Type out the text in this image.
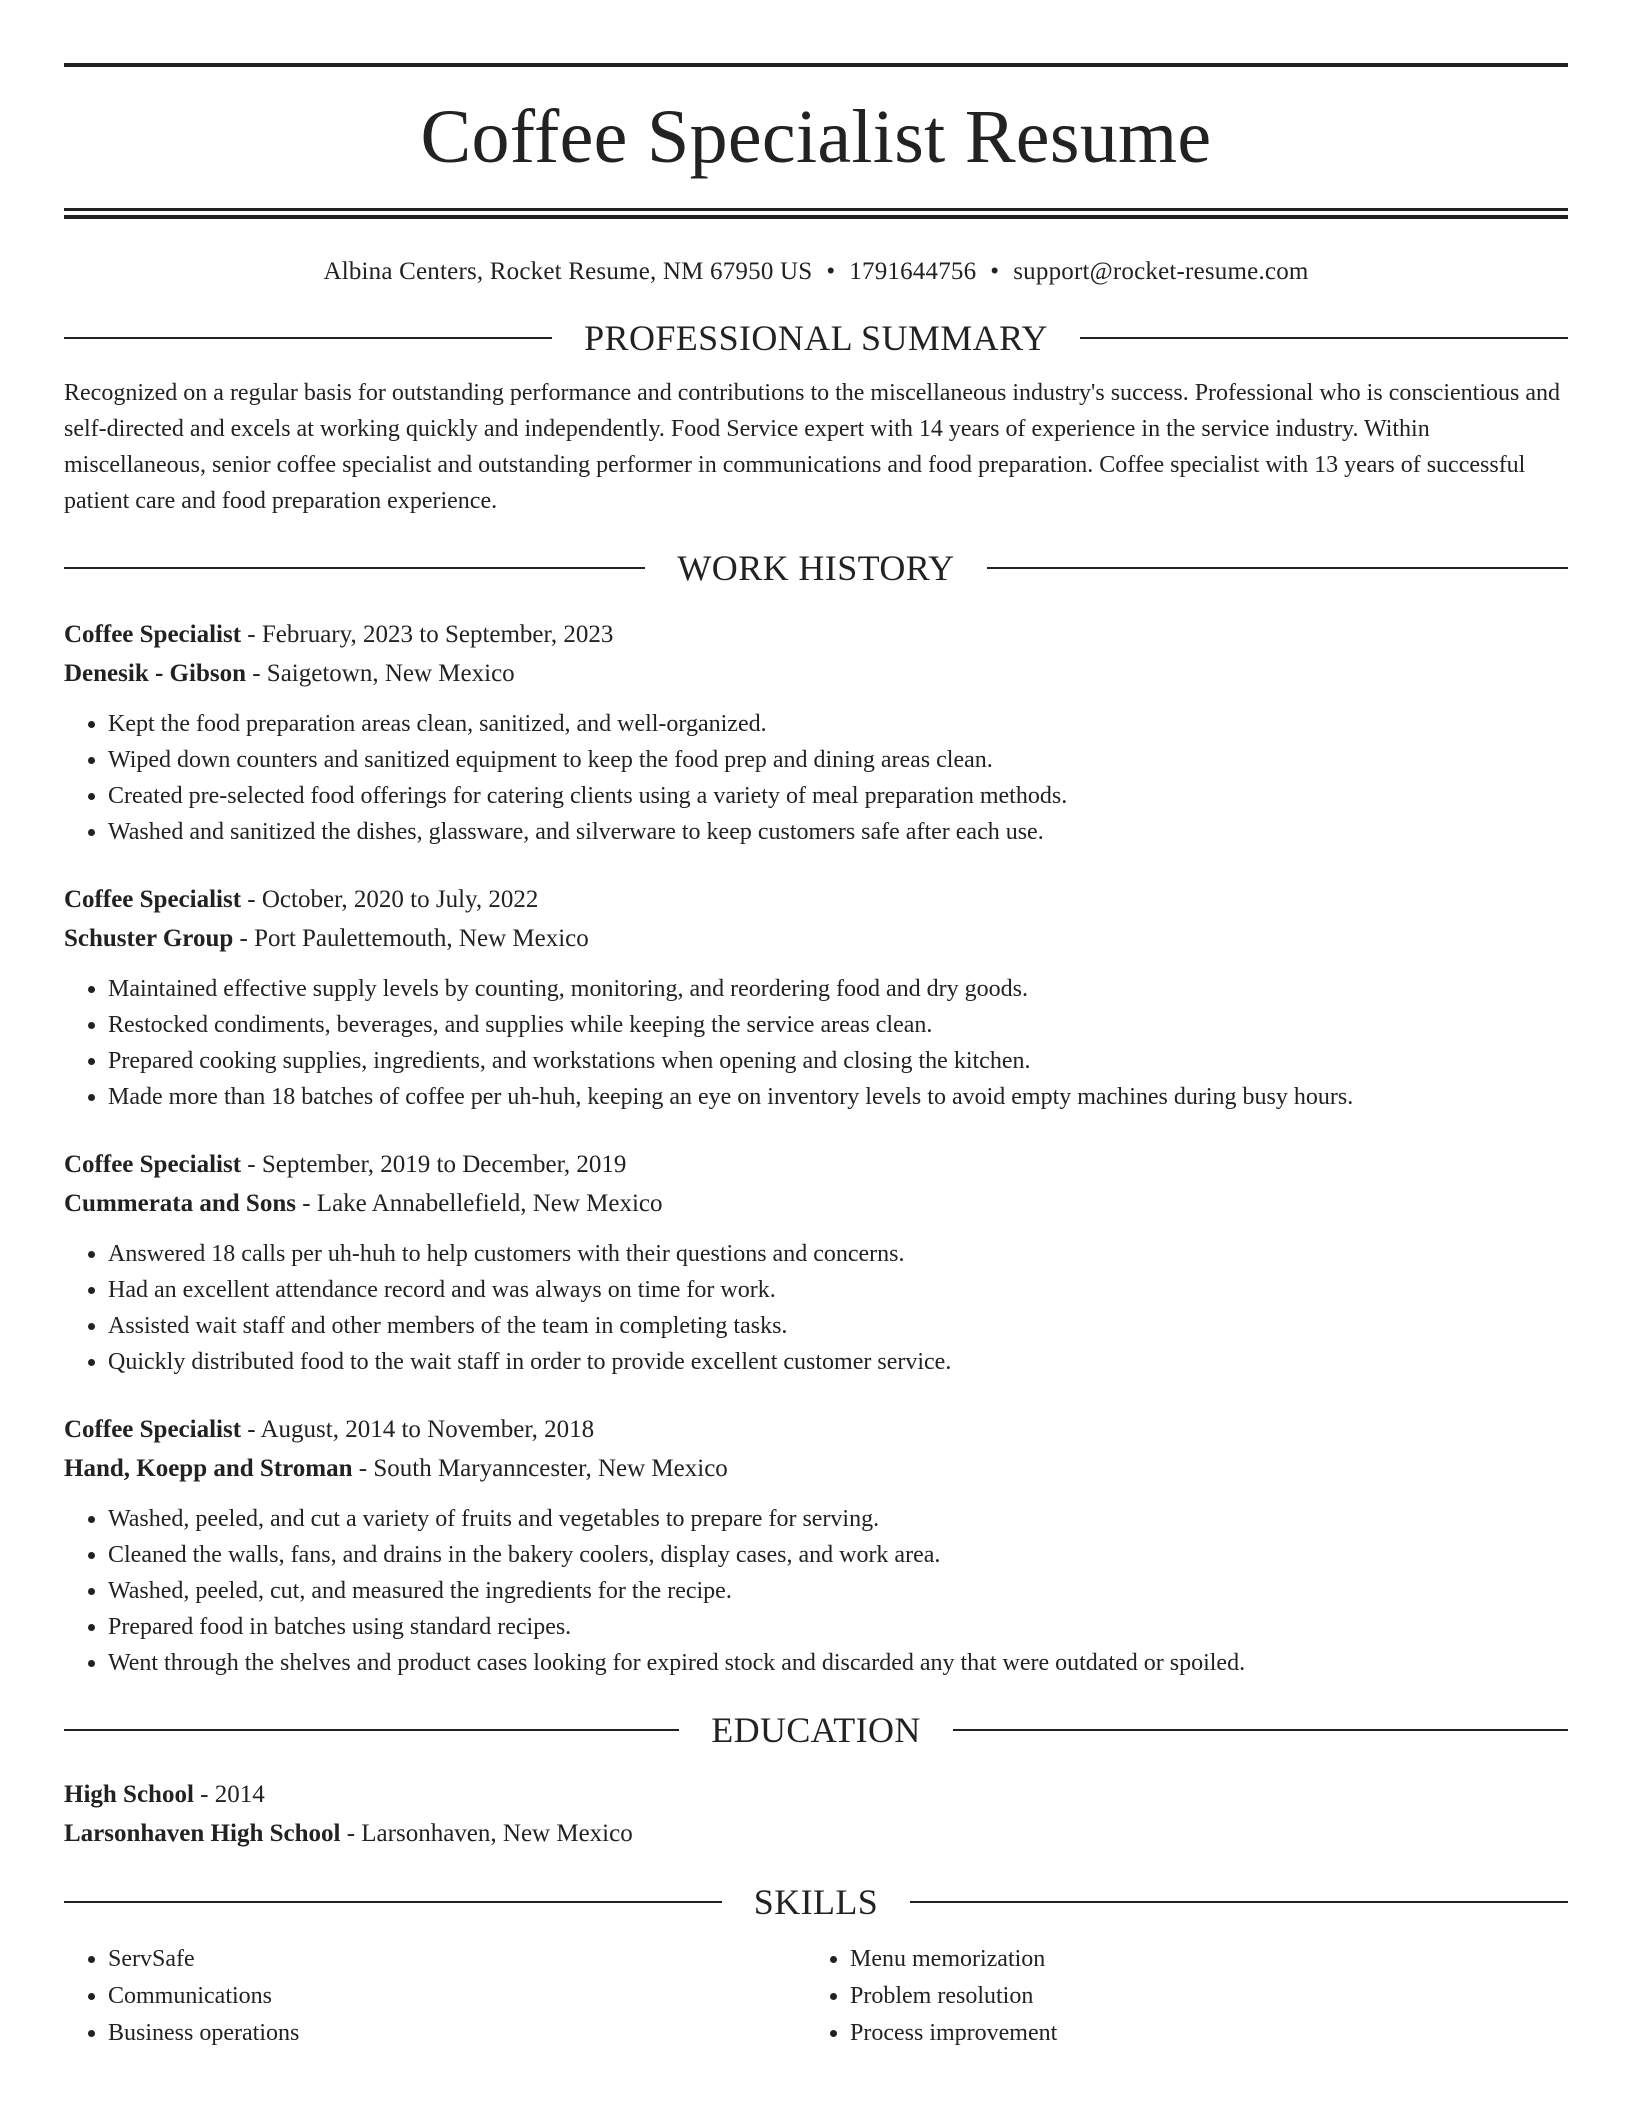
Coffee Specialist Resume
Albina Centers, Rocket Resume, NM 67950 US • 1791644756 • support@rocket-resume.com
PROFESSIONAL SUMMARY
Recognized on a regular basis for outstanding performance and contributions to the miscellaneous industry's success. Professional who is conscientious and self-directed and excels at working quickly and independently. Food Service expert with 14 years of experience in the service industry. Within miscellaneous, senior coffee specialist and outstanding performer in communications and food preparation. Coffee specialist with 13 years of successful patient care and food preparation experience.
WORK HISTORY
Coffee Specialist - February, 2023 to September, 2023
Denesik - Gibson - Saigetown, New Mexico
• Kept the food preparation areas clean, sanitized, and well-organized.
• Wiped down counters and sanitized equipment to keep the food prep and dining areas clean.
• Created pre-selected food offerings for catering clients using a variety of meal preparation methods.
• Washed and sanitized the dishes, glassware, and silverware to keep customers safe after each use.
Coffee Specialist - October, 2020 to July, 2022
Schuster Group - Port Paulettemouth, New Mexico
• Maintained effective supply levels by counting, monitoring, and reordering food and dry goods.
• Restocked condiments, beverages, and supplies while keeping the service areas clean.
• Prepared cooking supplies, ingredients, and workstations when opening and closing the kitchen.
• Made more than 18 batches of coffee per uh-huh, keeping an eye on inventory levels to avoid empty machines during busy hours.
Coffee Specialist - September, 2019 to December, 2019
Cummerata and Sons - Lake Annabellefield, New Mexico
• Answered 18 calls per uh-huh to help customers with their questions and concerns.
• Had an excellent attendance record and was always on time for work.
• Assisted wait staff and other members of the team in completing tasks.
• Quickly distributed food to the wait staff in order to provide excellent customer service.
Coffee Specialist - August, 2014 to November, 2018
Hand, Koepp and Stroman - South Maryanncester, New Mexico
• Washed, peeled, and cut a variety of fruits and vegetables to prepare for serving.
• Cleaned the walls, fans, and drains in the bakery coolers, display cases, and work area.
• Washed, peeled, cut, and measured the ingredients for the recipe.
• Prepared food in batches using standard recipes.
• Went through the shelves and product cases looking for expired stock and discarded any that were outdated or spoiled.
EDUCATION
High School - 2014
Larsonhaven High School - Larsonhaven, New Mexico
SKILLS
• ServSafe
• Communications
• Business operations
• Menu memorization
• Problem resolution
• Process improvement
